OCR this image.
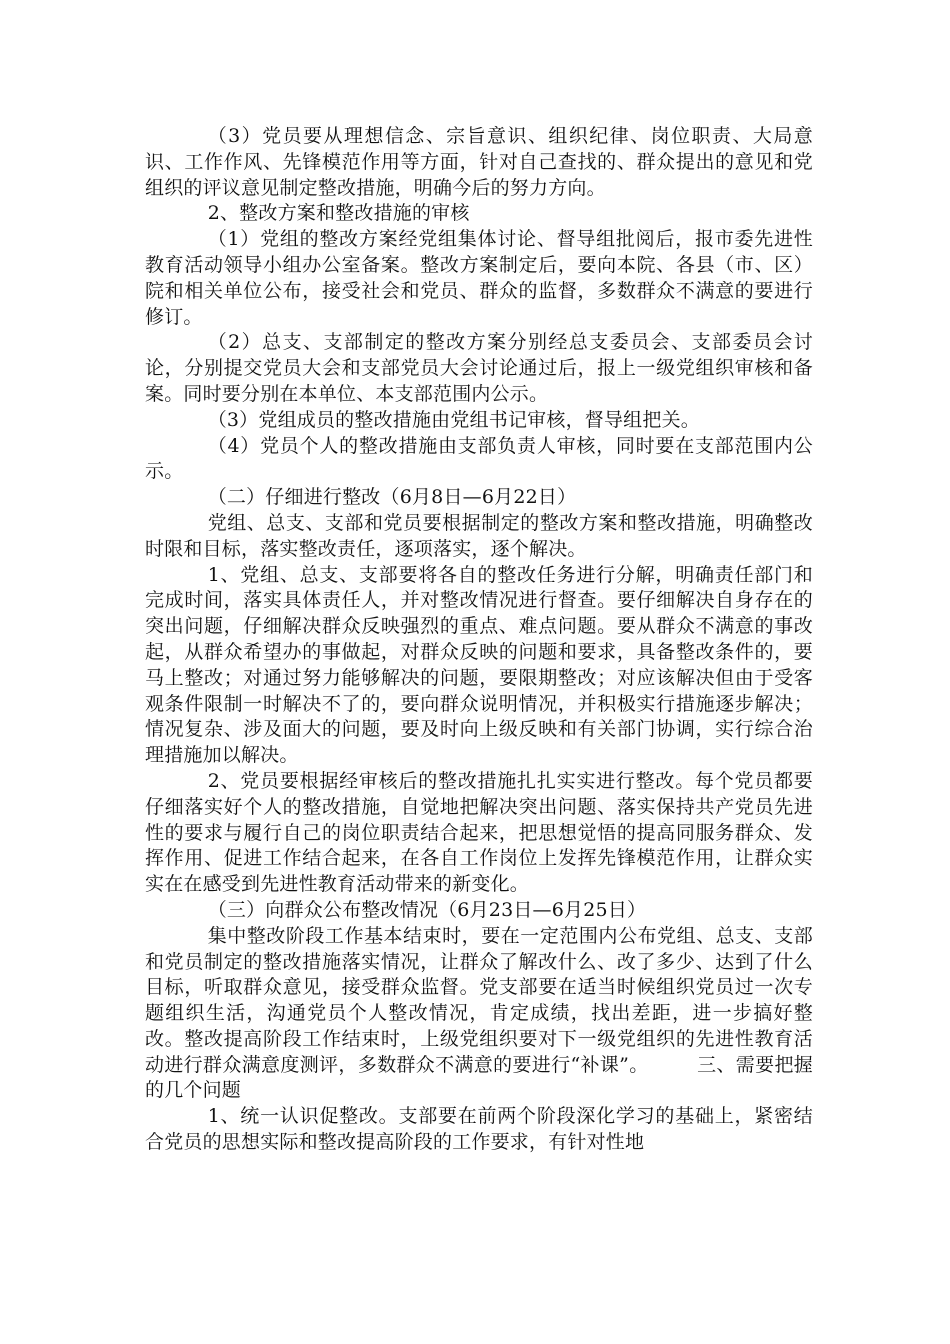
（3）党员要从理想信念、宗旨意识、组织纪律、岗位职责、大局意识、工作作风、先锋模范作用等方面，针对自己查找的、群众提出的意见和党组织的评议意见制定整改措施，明确今后的努力方向。

2、整改方案和整改措施的审核

（1）党组的整改方案经党组集体讨论、督导组批阅后，报市委先进性教育活动领导小组办公室备案。整改方案制定后，要向本院、各县（市、区）院和相关单位公布，接受社会和党员、群众的监督，多数群众不满意的要进行修订。

（2）总支、支部制定的整改方案分别经总支委员会、支部委员会讨论，分别提交党员大会和支部党员大会讨论通过后，报上一级党组织审核和备案。同时要分别在本单位、本支部范围内公示。

（3）党组成员的整改措施由党组书记审核，督导组把关。

（4）党员个人的整改措施由支部负责人审核，同时要在支部范围内公示。

（二）仔细进行整改（6月8日—6月22日）

党组、总支、支部和党员要根据制定的整改方案和整改措施，明确整改时限和目标，落实整改责任，逐项落实，逐个解决。

1、党组、总支、支部要将各自的整改任务进行分解，明确责任部门和完成时间，落实具体责任人，并对整改情况进行督查。要仔细解决自身存在的突出问题，仔细解决群众反映强烈的重点、难点问题。要从群众不满意的事改起，从群众希望办的事做起，对群众反映的问题和要求，具备整改条件的，要马上整改；对通过努力能够解决的问题，要限期整改；对应该解决但由于受客观条件限制一时解决不了的，要向群众说明情况，并积极实行措施逐步解决；情况复杂、涉及面大的问题，要及时向上级反映和有关部门协调，实行综合治理措施加以解决。

2、党员要根据经审核后的整改措施扎扎实实进行整改。每个党员都要仔细落实好个人的整改措施，自觉地把解决突出问题、落实保持共产党员先进性的要求与履行自己的岗位职责结合起来，把思想觉悟的提高同服务群众、发挥作用、促进工作结合起来，在各自工作岗位上发挥先锋模范作用，让群众实实在在感受到先进性教育活动带来的新变化。

（三）向群众公布整改情况（6月23日—6月25日）

集中整改阶段工作基本结束时，要在一定范围内公布党组、总支、支部和党员制定的整改措施落实情况，让群众了解改什么、改了多少、达到了什么目标，听取群众意见，接受群众监督。党支部要在适当时候组织党员过一次专题组织生活，沟通党员个人整改情况，肯定成绩，找出差距，进一步搞好整改。整改提高阶段工作结束时，上级党组织要对下一级党组织的先进性教育活动进行群众满意度测评，多数群众不满意的要进行“补课”。　　　三、需要把握的几个问题

1、统一认识促整改。支部要在前两个阶段深化学习的基础上，紧密结合党员的思想实际和整改提高阶段的工作要求，有针对性地
